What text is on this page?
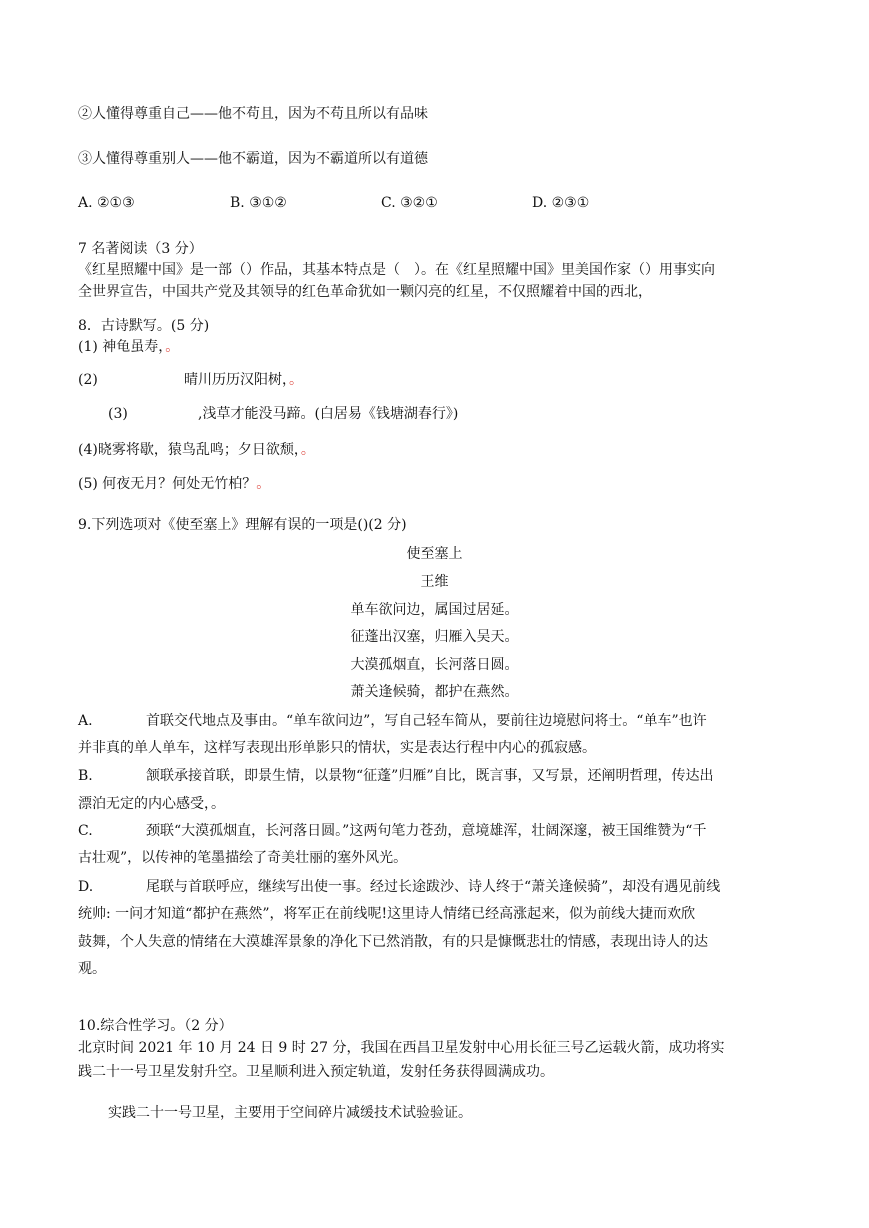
②人懂得尊重自己——他不苟且，因为不苟且所以有品味
③人懂得尊重别人——他不霸道，因为不霸道所以有道德
A. ②①③	B. ③①②	C. ③②①	D. ②③①
7 名著阅读（3 分）
《红星照耀中国》是一部（）作品，其基本特点是（　）。在《红星照耀中国》里美国作家（）用事实向
全世界宣告，中国共产党及其领导的红色革命犹如一颗闪亮的红星，不仅照耀着中国的西北，
8．古诗默写。(5 分)
(1) 神龟虽寿，。
(2)	晴川历历汉阳树，。
(3)	,浅草才能没马蹄。(白居易《钱塘湖春行》)
(4)晓雾将歇，猿鸟乱鸣；夕日欲颓，。
(5) 何夜无月？何处无竹柏？。
9.下列选项对《使至塞上》理解有误的一项是()(2 分)
使至塞上
王维
单车欲问边，属国过居延。
征蓬出汉塞，归雁入吴天。
大漠孤烟直，长河落日圆。
萧关逢候骑，都护在燕然。
A.	首联交代地点及事由。“单车欲问边”，写自己轻车简从，要前往边境慰问将士。“单车”也许
并非真的单人单车，这样写表现出形单影只的情状，实是表达行程中内心的孤寂感。
B.	颔联承接首联，即景生情，以景物“征蓬”归雁”自比，既言事，又写景，还阐明哲理，传达出
漂泊无定的内心感受，。
C.	颈联“大漠孤烟直，长河落日圆。”这两句笔力苍劲，意境雄浑，壮阔深邃，被王国维赞为“千
古壮观”，以传神的笔墨描绘了奇美壮丽的塞外风光。
D.	尾联与首联呼应，继续写出使一事。经过长途跋沙、诗人终于“萧关逢候骑”，却没有遇见前线
统帅: 一问才知道“都护在燕然”，将军正在前线呢!这里诗人情绪已经高涨起来，似为前线大捷而欢欣
鼓舞，个人失意的情绪在大漠雄浑景象的净化下已然消散，有的只是慷慨悲壮的情感，表现出诗人的达
观。
10.综合性学习。（2 分）
北京时间 2021 年 10 月 24 日 9 时 27 分，我国在西昌卫星发射中心用长征三号乙运载火箭，成功将实
践二十一号卫星发射升空。卫星顺利进入预定轨道，发射任务获得圆满成功。
实践二十一号卫星，主要用于空间碎片减缓技术试验验证。
